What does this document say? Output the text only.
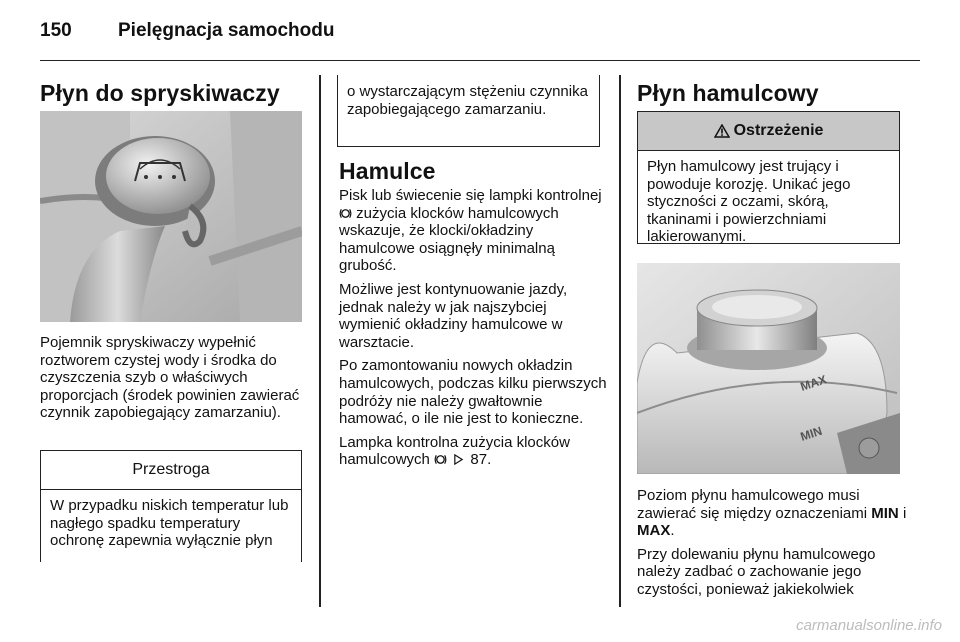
150 Pielęgnacja samochodu
Płyn do spryskiwaczy
Pojemnik spryskiwaczy wypełnić roztworem czystej wody i środka do czyszczenia szyb o właściwych proporcjach (środek powinien zawierać czynnik zapobiegający zamarzaniu).
Przestroga
W przypadku niskich temperatur lub nagłego spadku temperatury ochronę zapewnia wyłącznie płyn
o wystarczającym stężeniu czynnika zapobiegającego zamarzaniu.
Hamulce

Pisk lub świecenie się lampki kontrolnej  zużycia klocków hamulcowych wskazuje, że klocki/okładziny hamulcowe osiągnęły minimalną grubość.

Możliwe jest kontynuowanie jazdy, jednak należy w jak najszybciej wymienić okładziny hamulcowe w warsztacie.

Po zamontowaniu nowych okładzin hamulcowych, podczas kilku pierwszych podróży nie należy gwałtownie hamować, o ile nie jest to konieczne.

Lampka kontrolna zużycia klocków hamulcowych	87.

Płyn hamulcowy
Ostrzeżenie
Płyn hamulcowy jest trujący i powoduje korozję. Unikać jego styczności z oczami, skórą, tkaninami i powierzchniami lakierowanymi.
MAX
MIN

Poziom płynu hamulcowego musi zawierać się między oznaczeniami MIN i MAX.

Przy dolewaniu płynu hamulcowego należy zadbać o zachowanie jego czystości, ponieważ jakiekolwiek

carmanualsonline.info
